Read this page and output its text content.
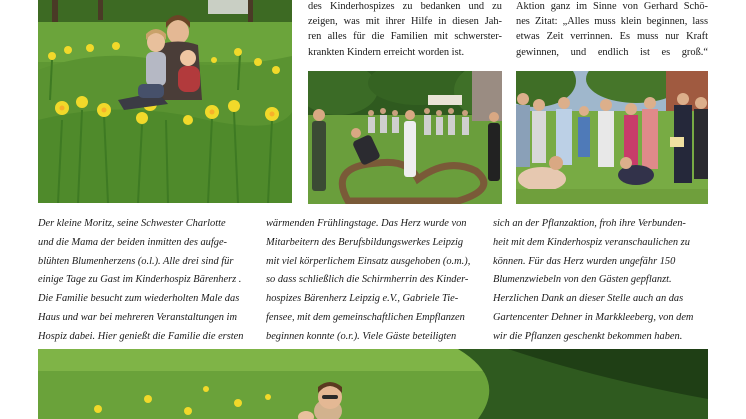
des Kinderhospizes zu bedanken und zu
zeigen, was mit ihrer Hilfe in diesen Jah-
ren alles für die Familien mit schwerster-
krankten Kindern erreicht worden ist.
Aktion ganz im Sinne von Gerhard Schö-
nes Zitat: „Alles muss klein beginnen, lass
etwas Zeit verrinnen. Es muss nur Kraft
gewinnen, und endlich ist es groß.“
Der kleine Moritz, seine Schwester Charlotte
und die Mama der beiden inmitten des aufge-
blühten Blumenherzens (o.l.). Alle drei sind für
einige Tage zu Gast im Kinderhospiz Bärenherz .
Die Familie besucht zum wiederholten Male das
Haus und war bei mehreren Veranstaltungen im
Hospiz dabei. Hier genießt die Familie die ersten
wärmenden Frühlingstage. Das Herz wurde von
Mitarbeitern des Berufsbildungswerkes Leipzig
mit viel körperlichem Einsatz ausgehoben (o.m.),
so dass schließlich die Schirmherrin des Kinder-
hospizes Bärenherz Leipzig e.V., Gabriele Tie-
fensee, mit dem gemeinschaftlichen Empflanzen
beginnen konnte (o.r.). Viele Gäste beteiligten
sich an der Pflanzaktion, froh ihre Verbunden-
heit mit dem Kinderhospiz veranschaulichen zu
können. Für das Herz wurden ungefähr 150
Blumenzwiebeln von den Gästen gepflanzt.
Herzlichen Dank an dieser Stelle auch an das
Gartencenter Dehner in Markkleeberg, von dem
wir die Pflanzen geschenkt bekommen haben.
